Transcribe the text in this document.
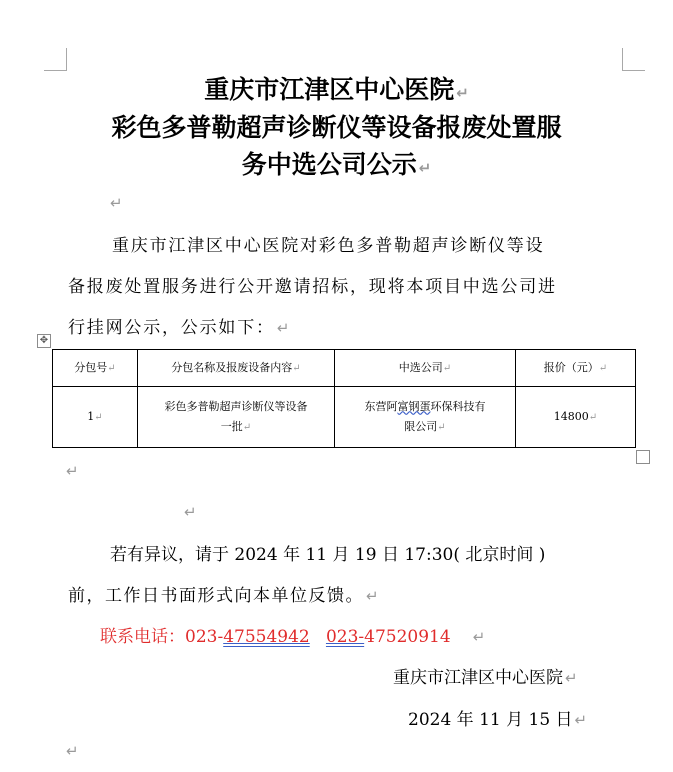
重庆市江津区中心医院 ↵
彩色多普勒超声诊断仪等设备报废处置服
务中选公司公示 ↵
↵
重庆市江津区中心医院对彩色多普勒超声诊断仪等设
备报废处置服务进行公开邀请招标，现将本项目中选公司进
行挂网公示，公示如下： ↵
✥
分包号↵	分包名称及报废设备内容↵	中选公司↵	报价（元）↵
1↵	彩色多普勒超声诊断仪等设备
一批↵	东营阿富钢蛋环保科技有
限公司↵	14800↵
↵
↵
若有异议，请于 2024 年 11 月 19 日 17:30( 北京时间 )
前，工作日书面形式向本单位反馈。 ↵
联系电话：023-47554942 023-47520914 ↵
重庆市江津区中心医院 ↵
2024 年 11 月 15 日 ↵
↵
